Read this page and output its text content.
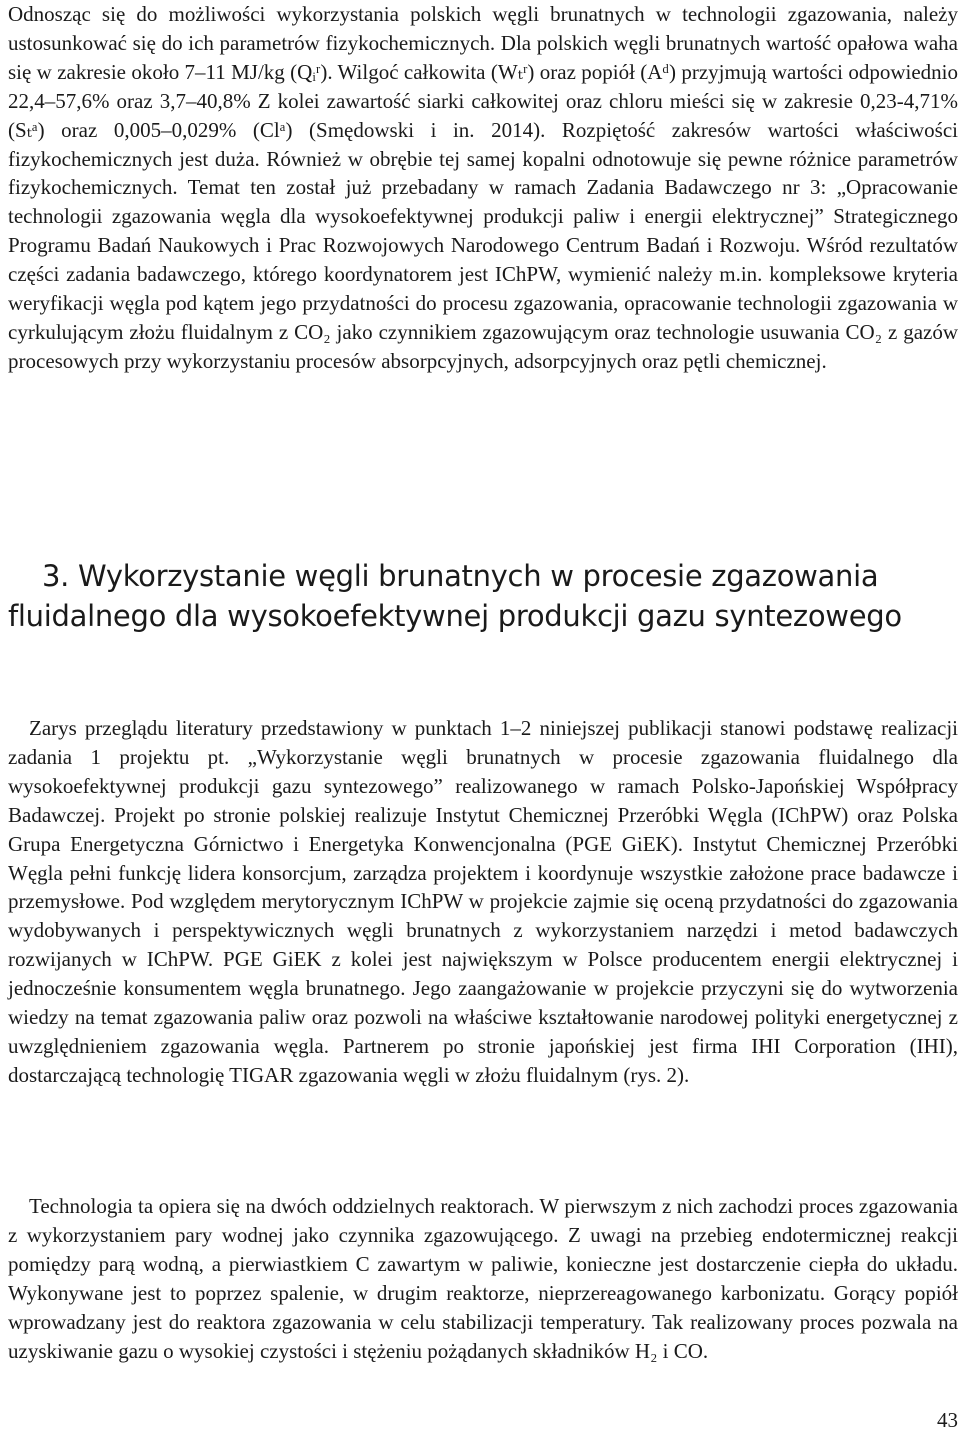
Odnosząc się do możliwości wykorzystania polskich węgli brunatnych w technologii zgazowania, należy ustosunkować się do ich parametrów fizykochemicznych. Dla polskich węgli brunatnych wartość opałowa waha się w zakresie około 7–11 MJ/kg (Qᵢʳ). Wilgoć całkowita (Wₜʳ) oraz popiół (Aᵈ) przyjmują wartości odpowiednio 22,4–57,6% oraz 3,7–40,8% Z kolei zawartość siarki całkowitej oraz chloru mieści się w zakresie 0,23-4,71% (Sₜᵃ) oraz 0,005–0,029% (Clᵃ) (Smędowski i in. 2014). Rozpiętość zakresów wartości właściwości fizykochemicznych jest duża. Również w obrębie tej samej kopalni odnotowuje się pewne różnice parametrów fizykochemicznych. Temat ten został już przebadany w ramach Zadania Badawczego nr 3: „Opracowanie technologii zgazowania węgla dla wysokoefektywnej produkcji paliw i energii elektrycznej” Strategicznego Programu Badań Naukowych i Prac Rozwojowych Narodowego Centrum Badań i Rozwoju. Wśród rezultatów części zadania badawczego, którego koordynatorem jest IChPW, wymienić należy m.in. kompleksowe kryteria weryfikacji węgla pod kątem jego przydatności do procesu zgazowania, opracowanie technologii zgazowania w cyrkulującym złożu fluidalnym z CO₂ jako czynnikiem zgazowującym oraz technologie usuwania CO₂ z gazów procesowych przy wykorzystaniu procesów absorpcyjnych, adsorpcyjnych oraz pętli chemicznej.

3. Wykorzystanie węgli brunatnych w procesie zgazowania fluidalnego dla wysokoefektywnej produkcji gazu syntezowego

Zarys przeglądu literatury przedstawiony w punktach 1–2 niniejszej publikacji stanowi podstawę realizacji zadania 1 projektu pt. „Wykorzystanie węgli brunatnych w procesie zgazowania fluidalnego dla wysokoefektywnej produkcji gazu syntezowego” realizowanego w ramach Polsko-Japońskiej Współpracy Badawczej. Projekt po stronie polskiej realizuje Instytut Chemicznej Przeróbki Węgla (IChPW) oraz Polska Grupa Energetyczna Górnictwo i Energetyka Konwencjonalna (PGE GiEK). Instytut Chemicznej Przeróbki Węgla pełni funkcję lidera konsorcjum, zarządza projektem i koordynuje wszystkie założone prace badawcze i przemysłowe. Pod względem merytorycznym IChPW w projekcie zajmie się oceną przydatności do zgazowania wydobywanych i perspektywicznych węgli brunatnych z wykorzystaniem narzędzi i metod badawczych rozwijanych w IChPW. PGE GiEK z kolei jest największym w Polsce producentem energii elektrycznej i jednocześnie konsumentem węgla brunatnego. Jego zaangażowanie w projekcie przyczyni się do wytworzenia wiedzy na temat zgazowania paliw oraz pozwoli na właściwe kształtowanie narodowej polityki energetycznej z uwzględnieniem zgazowania węgla. Partnerem po stronie japońskiej jest firma IHI Corporation (IHI), dostarczającą technologię TIGAR zgazowania węgli w złożu fluidalnym (rys. 2).

Technologia ta opiera się na dwóch oddzielnych reaktorach. W pierwszym z nich zachodzi proces zgazowania z wykorzystaniem pary wodnej jako czynnika zgazowującego. Z uwagi na przebieg endotermicznej reakcji pomiędzy parą wodną, a pierwiastkiem C zawartym w paliwie, konieczne jest dostarczenie ciepła do układu. Wykonywane jest to poprzez spalenie, w drugim reaktorze, nieprzereagowanego karbonizatu. Gorący popiół wprowadzany jest do reaktora zgazowania w celu stabilizacji temperatury. Tak realizowany proces pozwala na uzyskiwanie gazu o wysokiej czystości i stężeniu pożądanych składników H₂ i CO.

43
